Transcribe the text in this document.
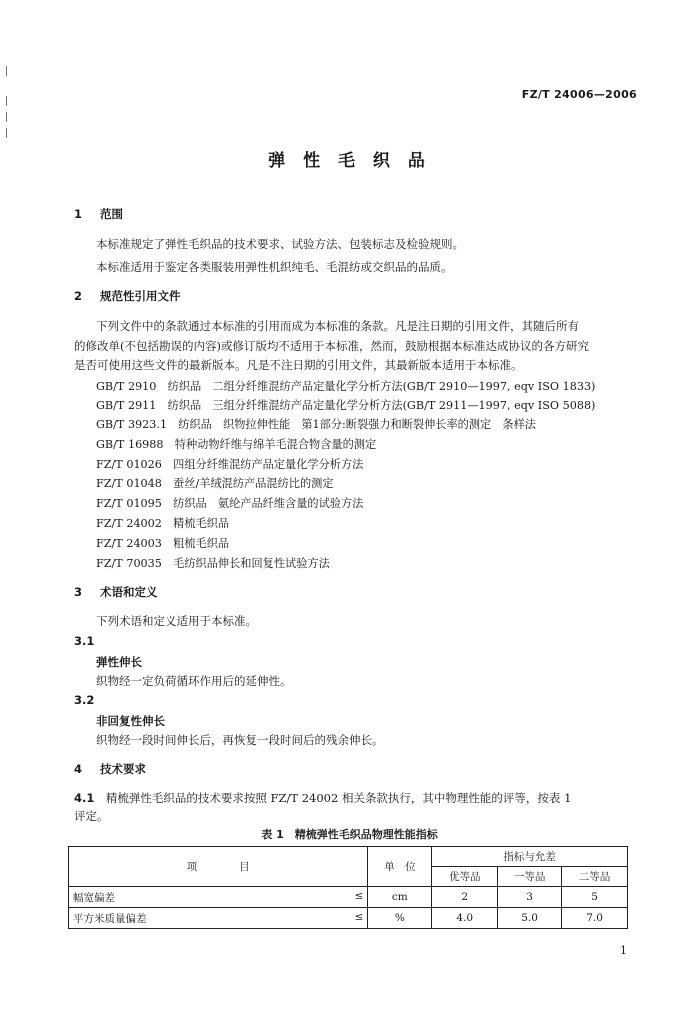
FZ/T 24006—2006
弹 性 毛 织 品
1 范围
本标准规定了弹性毛织品的技术要求、试验方法、包装标志及检验规则。
本标准适用于鉴定各类服装用弹性机织纯毛、毛混纺或交织品的品质。
2 规范性引用文件
下列文件中的条款通过本标准的引用而成为本标准的条款。凡是注日期的引用文件，其随后所有
的修改单(不包括勘误的内容)或修订版均不适用于本标准，然而，鼓励根据本标准达成协议的各方研究
是否可使用这些文件的最新版本。凡是不注日期的引用文件，其最新版本适用于本标准。
GB/T 2910　 纺织品　二组分纤维混纺产品定量化学分析方法(GB/T 2910—1997, eqv ISO 1833)
GB/T 2911　 纺织品　三组分纤维混纺产品定量化学分析方法(GB/T 2911—1997, eqv ISO 5088)
GB/T 3923.1　 纺织品　织物拉伸性能　第1部分:断裂强力和断裂伸长率的测定　条样法
GB/T 16988　 特种动物纤维与绵羊毛混合物含量的测定
FZ/T 01026　 四组分纤维混纺产品定量化学分析方法
FZ/T 01048　 蚕丝/羊绒混纺产品混纺比的测定
FZ/T 01095　 纺织品　氨纶产品纤维含量的试验方法
FZ/T 24002　 精梳毛织品
FZ/T 24003　 粗梳毛织品
FZ/T 70035　 毛纺织品伸长和回复性试验方法
3 术语和定义
下列术语和定义适用于本标准。
3.1
弹性伸长
织物经一定负荷循环作用后的延伸性。
3.2
非回复性伸长
织物经一段时间伸长后，再恢复一段时间后的残余伸长。
4 技术要求
4.1　 精梳弹性毛织品的技术要求按照 FZ/T 24002 相关条款执行，其中物理性能的评等，按表 1
评定。
表 1　精梳弹性毛织品物理性能指标
项　　　　目	单　位	指标与允差		
		优等品	一等品	二等品
幅宽偏差 ≤	cm	2	3	5
平方米质量偏差 ≤	%	4.0	5.0	7.0
1
